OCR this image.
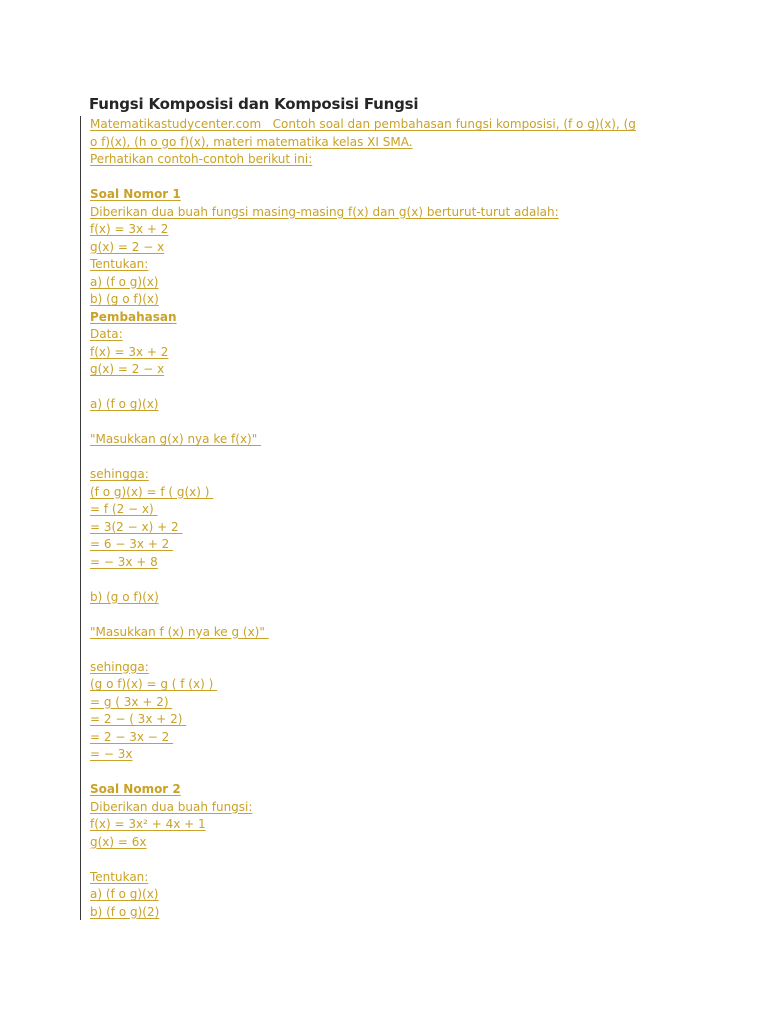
Fungsi Komposisi dan Komposisi Fungsi
Matematikastudycenter.com   Contoh soal dan pembahasan fungsi komposisi, (f o g)(x), (g
o f)(x), (h o go f)(x), materi matematika kelas XI SMA.
Perhatikan contoh-contoh berikut ini:
Soal Nomor 1
Diberikan dua buah fungsi masing-masing f(x) dan g(x) berturut-turut adalah:
f(x) = 3x + 2
g(x) = 2 − x
Tentukan:
a) (f o g)(x)
b) (g o f)(x)
Pembahasan
Data:
f(x) = 3x + 2
g(x) = 2 − x
a) (f o g)(x)
"Masukkan g(x) nya ke f(x)"
sehingga:
(f o g)(x) = f ( g(x) )
= f (2 − x)
= 3(2 − x) + 2
= 6 − 3x + 2
= − 3x + 8
b) (g o f)(x)
"Masukkan f (x) nya ke g (x)"
sehingga:
(g o f)(x) = g ( f (x) )
= g ( 3x + 2)
= 2 − ( 3x + 2)
= 2 − 3x − 2
= − 3x
Soal Nomor 2
Diberikan dua buah fungsi:
f(x) = 3x² + 4x + 1
g(x) = 6x
Tentukan:
a) (f o g)(x)
b) (f o g)(2)
